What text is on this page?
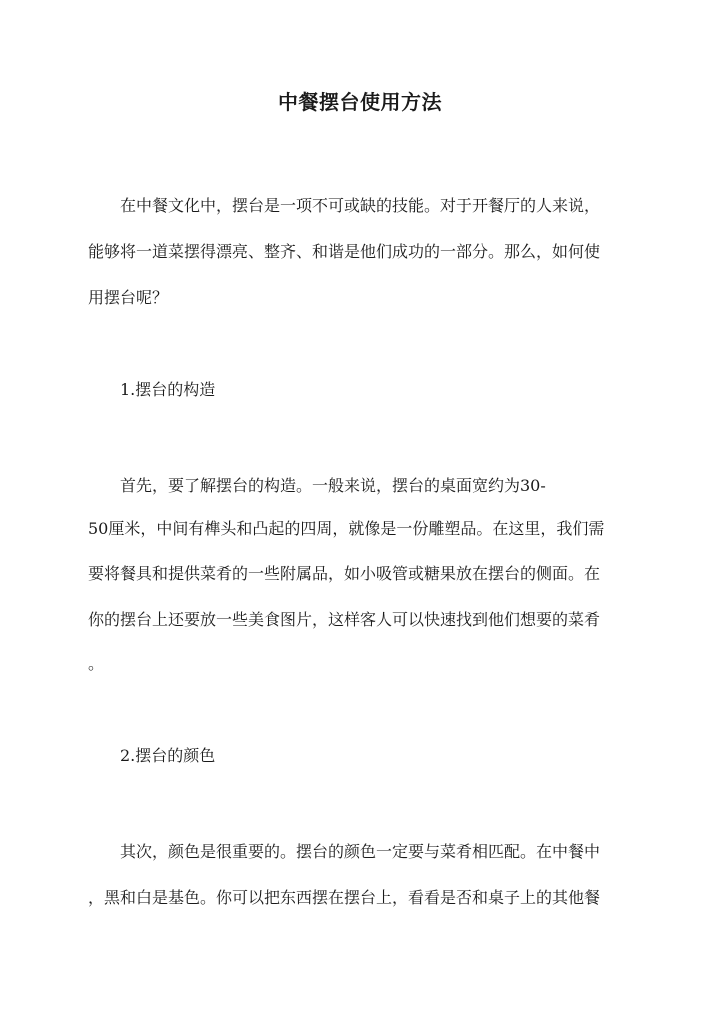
中餐摆台使用方法
在中餐文化中，摆台是一项不可或缺的技能。对于开餐厅的人来说，
能够将一道菜摆得漂亮、整齐、和谐是他们成功的一部分。那么，如何使
用摆台呢？
1.摆台的构造
首先，要了解摆台的构造。一般来说，摆台的桌面宽约为30-
50厘米，中间有榫头和凸起的四周，就像是一份雕塑品。在这里，我们需
要将餐具和提供菜肴的一些附属品，如小吸管或糖果放在摆台的侧面。在
你的摆台上还要放一些美食图片，这样客人可以快速找到他们想要的菜肴
。
2.摆台的颜色
其次，颜色是很重要的。摆台的颜色一定要与菜肴相匹配。在中餐中
，黑和白是基色。你可以把东西摆在摆台上，看看是否和桌子上的其他餐
